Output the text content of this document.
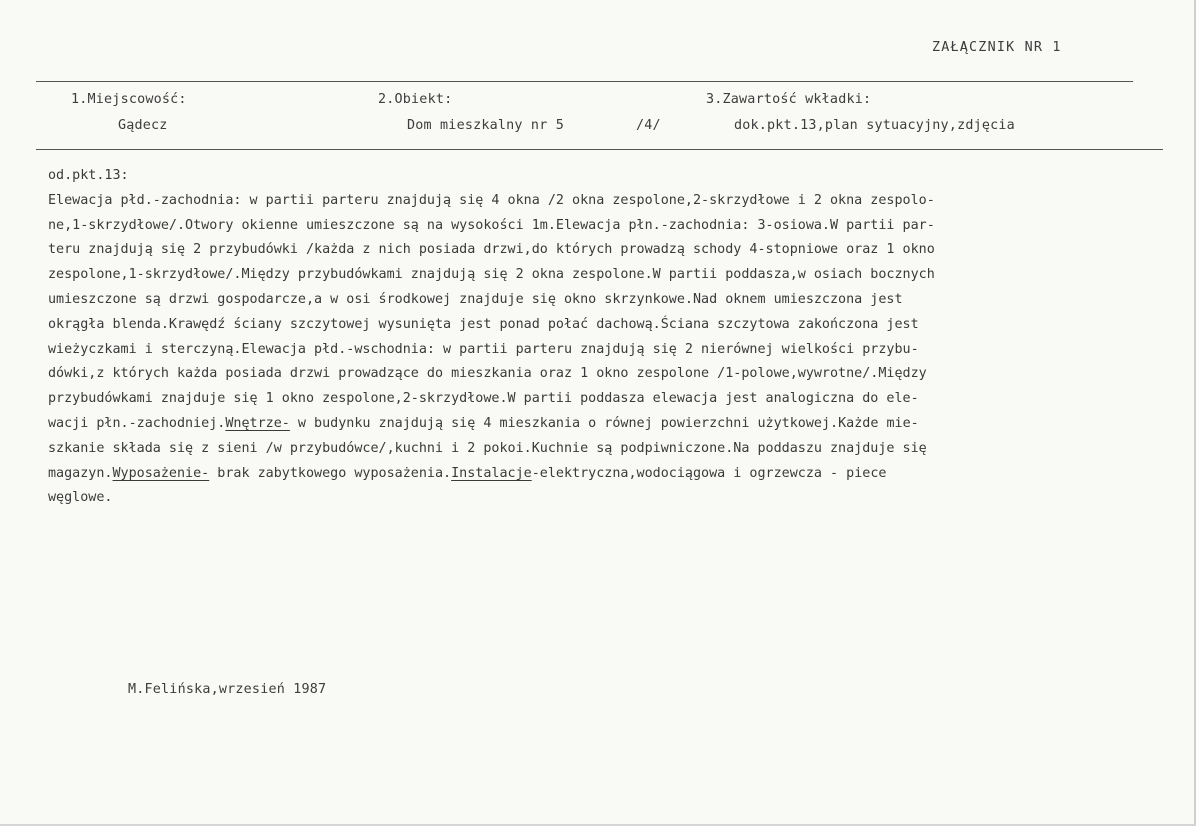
ZAŁĄCZNIK NR 1
1.Miejscowość:
Gądecz
2.Obiekt:
Dom mieszkalny nr 5	/4/
3.Zawartość wkładki:
dok.pkt.13,plan sytuacyjny,zdjęcia
od.pkt.13:
Elewacja płd.-zachodnia: w partii parteru znajdują się 4 okna /2 okna zespolone,2-skrzydłowe i 2 okna zespolo-
ne,1-skrzydłowe/.Otwory okienne umieszczone są na wysokości 1m.Elewacja płn.-zachodnia: 3-osiowa.W partii par-
teru znajdują się 2 przybudówki /każda z nich posiada drzwi,do których prowadzą schody 4-stopniowe oraz 1 okno
zespolone,1-skrzydłowe/.Między przybudówkami znajdują się 2 okna zespolone.W partii poddasza,w osiach bocznych
umieszczone są drzwi gospodarcze,a w osi środkowej znajduje się okno skrzynkowe.Nad oknem umieszczona jest
okrągła blenda.Krawędź ściany szczytowej wysunięta jest ponad połać dachową.Ściana szczytowa zakończona jest
wieżyczkami i sterczyną.Elewacja płd.-wschodnia: w partii parteru znajdują się 2 nierównej wielkości przybu-
dówki,z których każda posiada drzwi prowadzące do mieszkania oraz 1 okno zespolone /1-polowe,wywrotne/.Między
przybudówkami znajduje się 1 okno zespolone,2-skrzydłowe.W partii poddasza elewacja jest analogiczna do ele-
wacji płn.-zachodniej.Wnętrze- w budynku znajdują się 4 mieszkania o równej powierzchni użytkowej.Każde mie-
szkanie składa się z sieni /w przybudówce/,kuchni i 2 pokoi.Kuchnie są podpiwniczone.Na poddaszu znajduje się
magazyn.Wyposażenie- brak zabytkowego wyposażenia.Instalacje-elektryczna,wodociągowa i ogrzewcza - piece
węglowe.
M.Felińska,wrzesień 1987
